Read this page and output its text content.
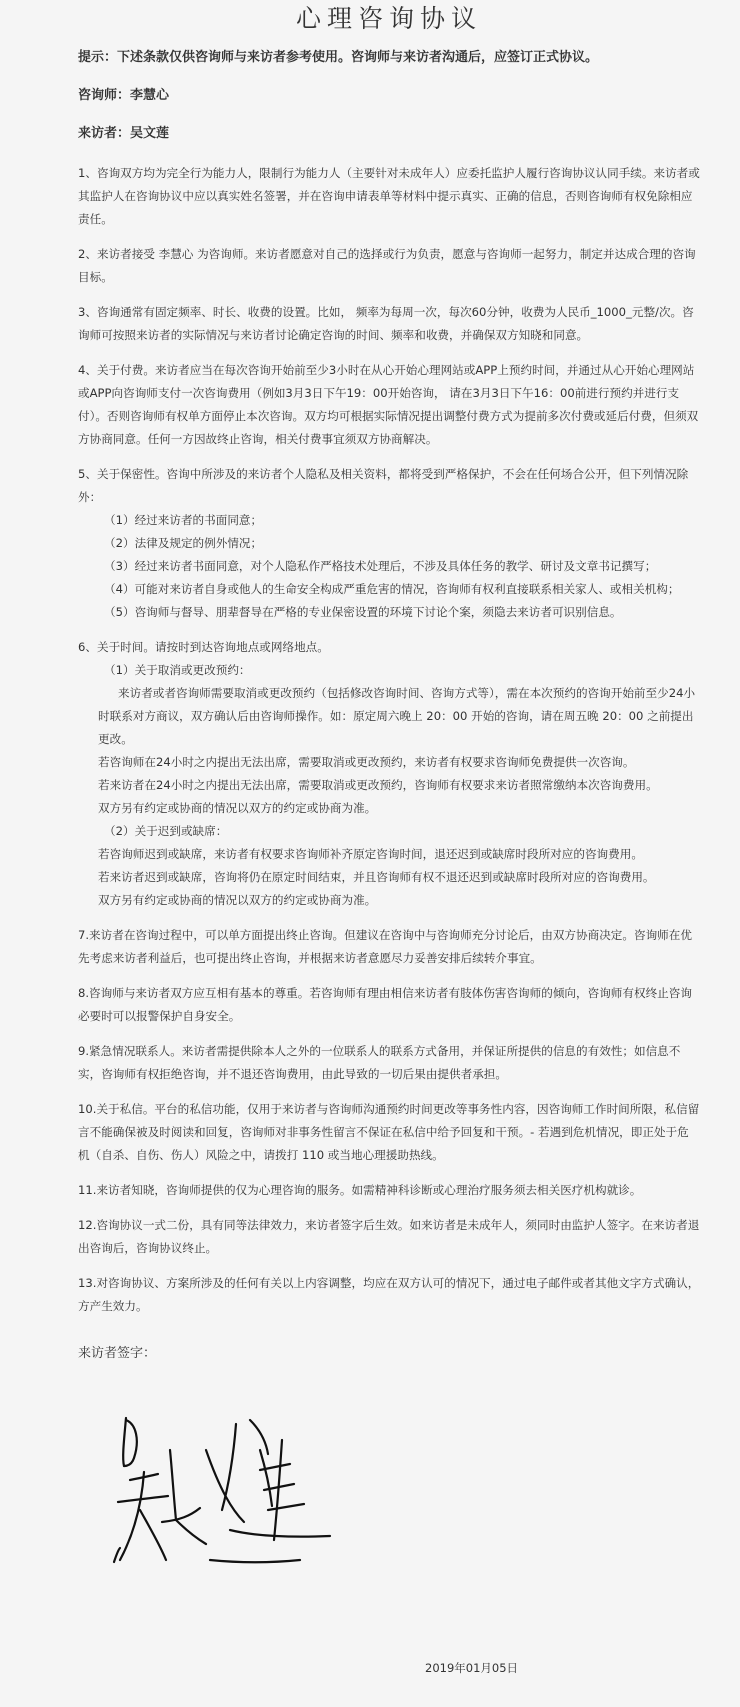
心理咨询协议
提示：下述条款仅供咨询师与来访者参考使用。咨询师与来访者沟通后，应签订正式协议。
咨询师：李慧心
来访者：吴文莲
1、咨询双方均为完全行为能力人，限制行为能力人（主要针对未成年人）应委托监护人履行咨询协议认同手续。来访者或其监护人在咨询协议中应以真实姓名签署，并在咨询申请表单等材料中提示真实、正确的信息，否则咨询师有权免除相应责任。
2、来访者接受 李慧心 为咨询师。来访者愿意对自己的选择或行为负责，愿意与咨询师一起努力，制定并达成合理的咨询目标。
3、咨询通常有固定频率、时长、收费的设置。比如， 频率为每周一次，每次60分钟，收费为人民币_1000_元整/次。咨询师可按照来访者的实际情况与来访者讨论确定咨询的时间、频率和收费，并确保双方知晓和同意。
4、关于付费。来访者应当在每次咨询开始前至少3小时在从心开始心理网站或APP上预约时间，并通过从心开始心理网站或APP向咨询师支付一次咨询费用（例如3月3日下午19：00开始咨询， 请在3月3日下午16：00前进行预约并进行支付）。否则咨询师有权单方面停止本次咨询。双方均可根据实际情况提出调整付费方式为提前多次付费或延后付费，但须双方协商同意。任何一方因故终止咨询，相关付费事宜须双方协商解决。

5、关于保密性。咨询中所涉及的来访者个人隐私及相关资料，都将受到严格保护，不会在任何场合公开，但下列情况除外：

（1）经过来访者的书面同意；

（2）法律及规定的例外情况；

（3）经过来访者书面同意，对个人隐私作严格技术处理后，不涉及具体任务的教学、研讨及文章书记撰写；

（4）可能对来访者自身或他人的生命安全构成严重危害的情况，咨询师有权利直接联系相关家人、或相关机构；

（5）咨询师与督导、朋辈督导在严格的专业保密设置的环境下讨论个案，须隐去来访者可识别信息。

6、关于时间。请按时到达咨询地点或网络地点。

（1）关于取消或更改预约：

来访者或者咨询师需要取消或更改预约（包括修改咨询时间、咨询方式等），需在本次预约的咨询开始前至少24小时联系对方商议，双方确认后由咨询师操作。如：原定周六晚上 20：00 开始的咨询，请在周五晚 20：00 之前提出更改。

若咨询师在24小时之内提出无法出席，需要取消或更改预约，来访者有权要求咨询师免费提供一次咨询。

若来访者在24小时之内提出无法出席，需要取消或更改预约，咨询师有权要求来访者照常缴纳本次咨询费用。

双方另有约定或协商的情况以双方的约定或协商为准。

（2）关于迟到或缺席：

若咨询师迟到或缺席，来访者有权要求咨询师补齐原定咨询时间，退还迟到或缺席时段所对应的咨询费用。

若来访者迟到或缺席，咨询将仍在原定时间结束，并且咨询师有权不退还迟到或缺席时段所对应的咨询费用。

双方另有约定或协商的情况以双方的约定或协商为准。

7.来访者在咨询过程中，可以单方面提出终止咨询。但建议在咨询中与咨询师充分讨论后，由双方协商决定。咨询师在优先考虑来访者利益后，也可提出终止咨询，并根据来访者意愿尽力妥善安排后续转介事宜。
8.咨询师与来访者双方应互相有基本的尊重。若咨询师有理由相信来访者有肢体伤害咨询师的倾向，咨询师有权终止咨询必要时可以报警保护自身安全。
9.紧急情况联系人。来访者需提供除本人之外的一位联系人的联系方式备用，并保证所提供的信息的有效性；如信息不实，咨询师有权拒绝咨询，并不退还咨询费用，由此导致的一切后果由提供者承担。
10.关于私信。平台的私信功能，仅用于来访者与咨询师沟通预约时间更改等事务性内容，因咨询师工作时间所限，私信留言不能确保被及时阅读和回复，咨询师对非事务性留言不保证在私信中给予回复和干预。- 若遇到危机情况，即正处于危机（自杀、自伤、伤人）风险之中，请拨打 110 或当地心理援助热线。
11.来访者知晓，咨询师提供的仅为心理咨询的服务。如需精神科诊断或心理治疗服务须去相关医疗机构就诊。
12.咨询协议一式二份，具有同等法律效力，来访者签字后生效。如来访者是未成年人，须同时由监护人签字。在来访者退出咨询后，咨询协议终止。
13.对咨询协议、方案所涉及的任何有关以上内容调整，均应在双方认可的情况下，通过电子邮件或者其他文字方式确认，方产生效力。
来访者签字：
2019年01月05日
